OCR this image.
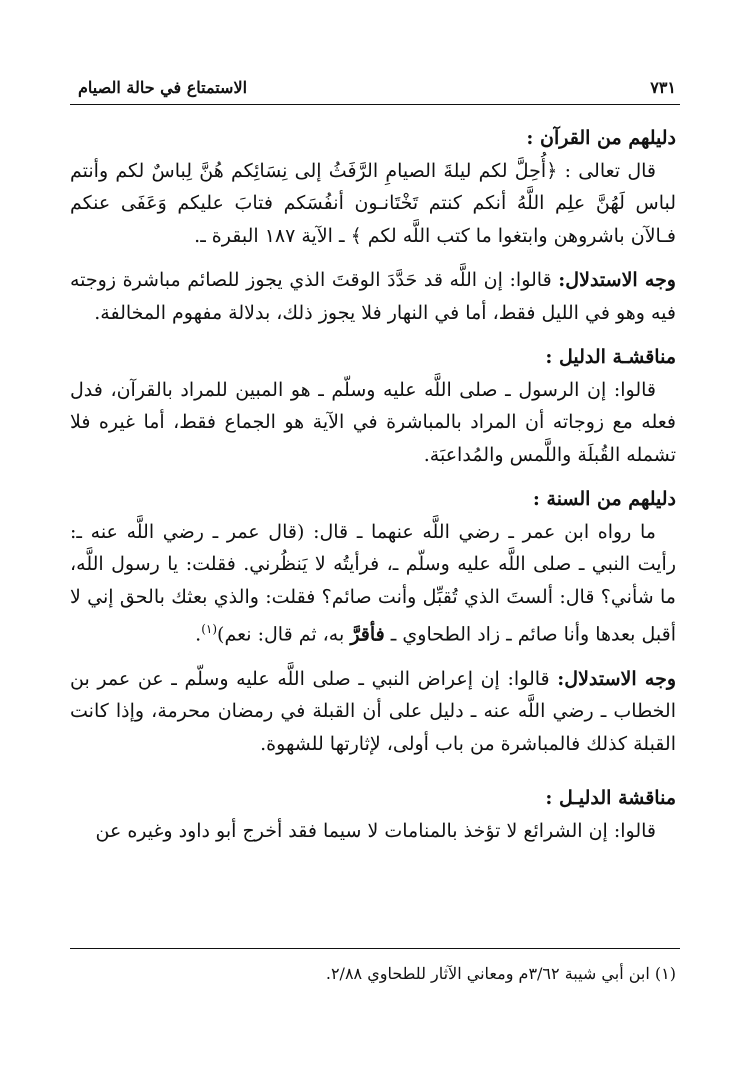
٧٣١
الاستمتاع في حالة الصيام

دليلهم من القرآن :

قال تعالى : ﴿أُحِلَّ لكم ليلةَ الصيامِ الرَّفَثُ إلى نِسَائِكم هُنَّ لِباسٌ لكم وأنتم لباس لَهُنَّ علِم اللَّهُ أنكم كنتم تَخْتَانـون أنفُسَكم فتابَ عليكم وَعَفَى عنكم فـالآن باشروهن وابتغوا ما كتب اللَّه لكم ﴾ ـ الآية ١٨٧ البقرة ـ.

وجه الاستدلال: قالوا: إن اللَّه قد حَدَّدَ الوقتَ الذي يجوز للصائم مباشرة زوجته فيه وهو في الليل فقط، أما في النهار فلا يجوز ذلك، بدلالة مفهوم المخالفة.

مناقشـة الدليل :

قالوا: إن الرسول ـ صلى اللَّه عليه وسلّم ـ هو المبين للمراد بالقرآن، فدل فعله مع زوجاته أن المراد بالمباشرة في الآية هو الجماع فقط، أما غيره فلا تشمله القُبلَة واللَّمس والمُداعبَة.

دليلهم من السنة :

ما رواه ابن عمر ـ رضي اللَّه عنهما ـ قال: (قال عمر ـ رضي اللَّه عنه ـ: رأيت النبي ـ صلى اللَّه عليه وسلّم ـ، فرأيتُه لا يَنظُرني. فقلت: يا رسول اللَّه، ما شأني؟ قال: ألستَ الذي تُقبِّل وأنت صائم؟ فقلت: والذي بعثك بالحق إني لا أقبل بعدها وأنا صائم ـ زاد الطحاوي ـ فأقرَّ به، ثم قال: نعم)$^{(١)}$.

وجه الاستدلال: قالوا: إن إعراض النبي ـ صلى اللَّه عليه وسلّم ـ عن عمر بن الخطاب ـ رضي اللَّه عنه ـ دليل على أن القبلة في رمضان محرمة، وإذا كانت القبلة كذلك فالمباشرة من باب أولى، لإثارتها للشهوة.

مناقشة الدليـل :

قالوا: إن الشرائع لا تؤخذ بالمنامات لا سيما فقد أخرج أبو داود وغيره عن

(١) ابن أبي شيبة ٣/٦٢م ومعاني الآثار للطحاوي ٢/٨٨.
